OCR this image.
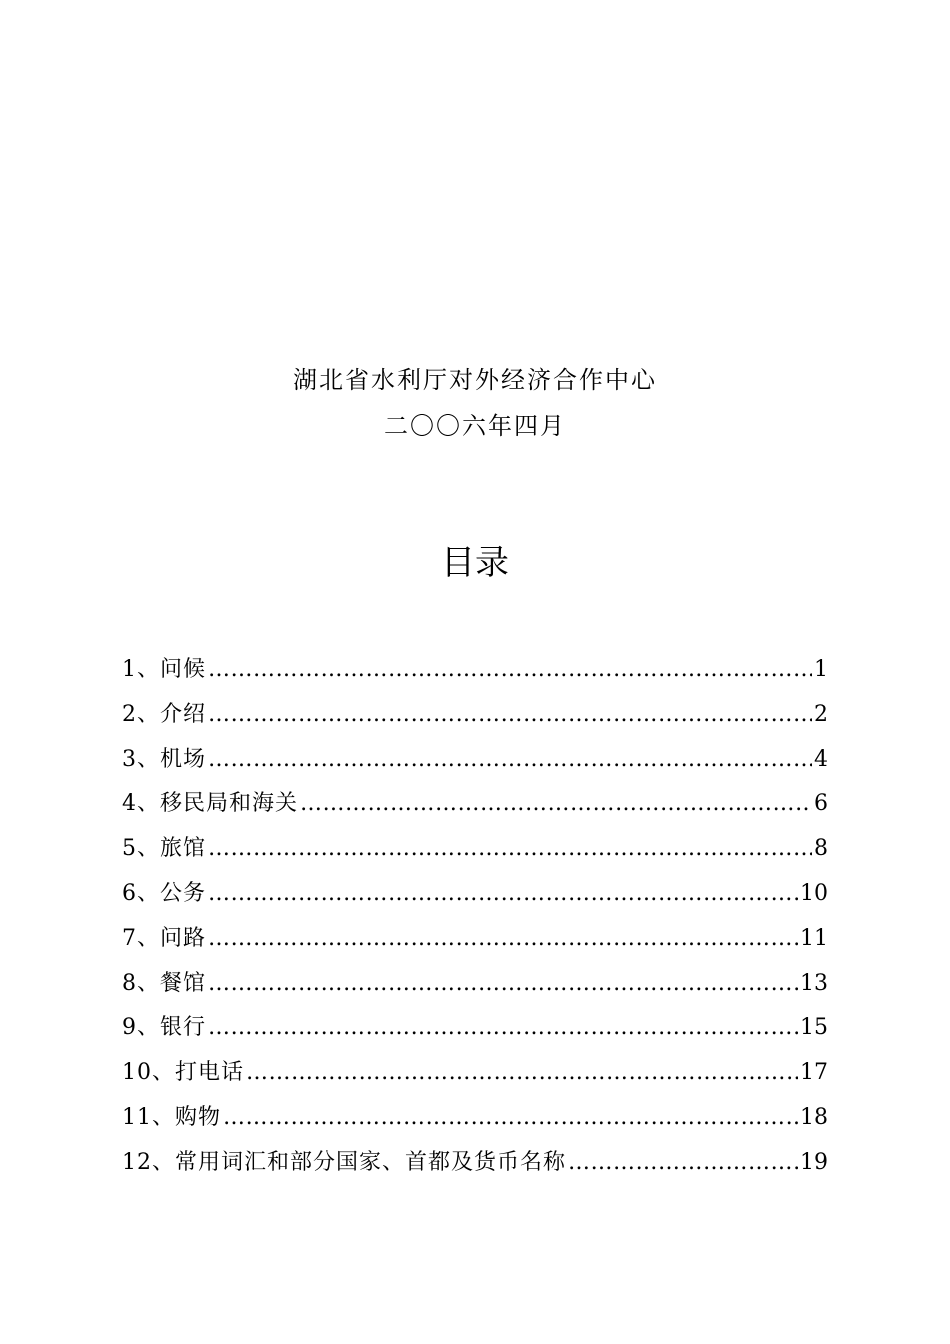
湖北省水利厅对外经济合作中心
二〇〇六年四月
目录
1、问候 ……………………………………………………………………………………………………………………………………………………	1
2、介绍 ……………………………………………………………………………………………………………………………………………………	2
3、机场 ……………………………………………………………………………………………………………………………………………………	4
4、移民局和海关 ……………………………………………………………………………………………………………………………………………………	6
5、旅馆 ……………………………………………………………………………………………………………………………………………………	8
6、公务 ……………………………………………………………………………………………………………………………………………………	10
7、问路 ……………………………………………………………………………………………………………………………………………………	11
8、餐馆 ……………………………………………………………………………………………………………………………………………………	13
9、银行 ……………………………………………………………………………………………………………………………………………………	15
10、打电话 ……………………………………………………………………………………………………………………………………………………	17
11、购物 ……………………………………………………………………………………………………………………………………………………	18
12、常用词汇和部分国家、首都及货币名称 ……………………………………………………………………………………………………………………………………………………	19
